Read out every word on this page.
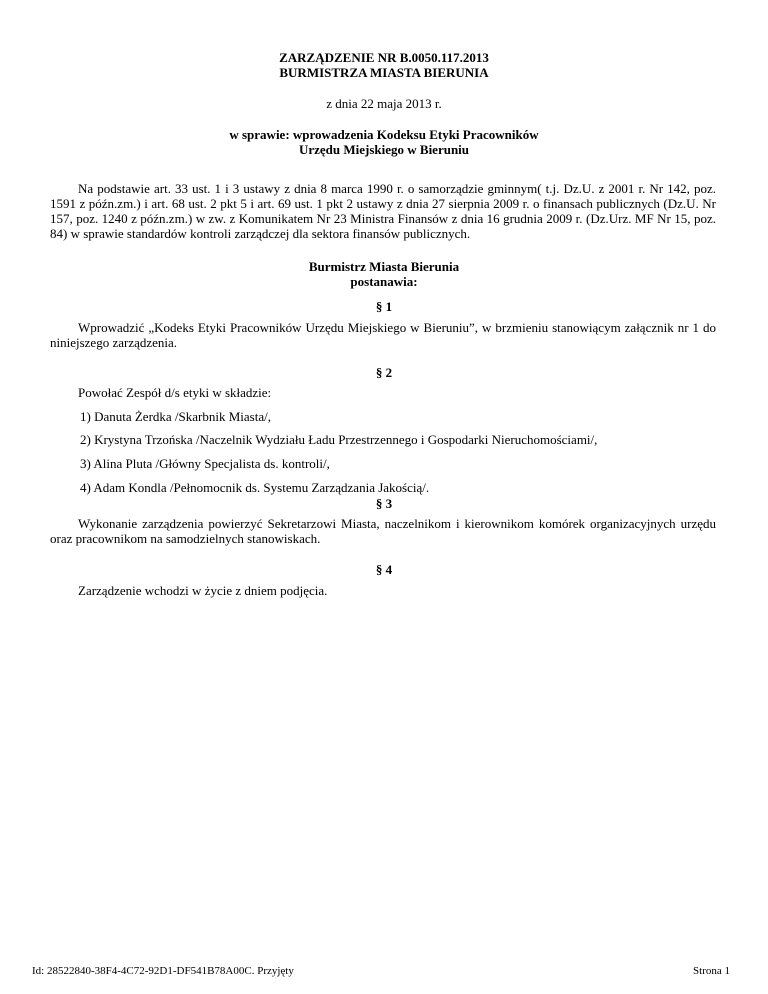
ZARZĄDZENIE NR B.0050.117.2013
BURMISTRZA MIASTA BIERUNIA
z dnia 22 maja 2013 r.
w sprawie: wprowadzenia Kodeksu Etyki Pracowników
Urzędu Miejskiego w Bieruniu
Na podstawie art. 33 ust. 1 i 3 ustawy z dnia 8 marca 1990 r. o samorządzie gminnym( t.j. Dz.U. z 2001 r. Nr 142, poz. 1591 z późn.zm.) i art. 68 ust. 2 pkt 5 i art. 69 ust. 1 pkt 2 ustawy z dnia 27 sierpnia 2009 r. o finansach publicznych (Dz.U. Nr 157, poz. 1240 z późn.zm.) w zw. z Komunikatem Nr 23 Ministra Finansów z dnia 16 grudnia 2009 r. (Dz.Urz. MF Nr 15, poz. 84) w sprawie standardów kontroli zarządczej dla sektora finansów publicznych.
Burmistrz Miasta Bierunia
postanawia:
§ 1
Wprowadzić „Kodeks Etyki Pracowników Urzędu Miejskiego w Bieruniu”, w brzmieniu stanowiącym załącznik nr 1 do niniejszego zarządzenia.
§ 2
Powołać Zespół d/s etyki w składzie:
1) Danuta Żerdka /Skarbnik Miasta/,
2) Krystyna Trzońska /Naczelnik Wydziału Ładu Przestrzennego i Gospodarki Nieruchomościami/,
3) Alina Pluta /Główny Specjalista ds. kontroli/,
4) Adam Kondla /Pełnomocnik ds. Systemu Zarządzania Jakością/.
§ 3
Wykonanie zarządzenia powierzyć Sekretarzowi Miasta, naczelnikom i kierownikom komórek organizacyjnych urzędu oraz pracownikom na samodzielnych stanowiskach.
§ 4
Zarządzenie wchodzi w życie z dniem podjęcia.
Id: 28522840-38F4-4C72-92D1-DF541B78A00C. Przyjęty	Strona 1
